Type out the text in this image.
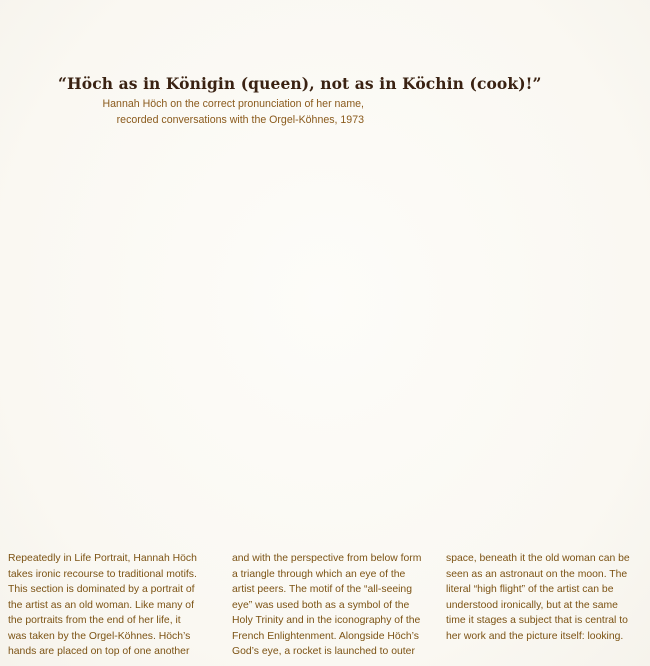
“Höch as in Königin (queen), not as in Köchin (cook)!”
Hannah Höch on the correct pronunciation of her name,
recorded conversations with the Orgel-Köhnes, 1973
Repeatedly in Life Portrait, Hannah Höch
takes ironic recourse to traditional motifs.
This section is dominated by a portrait of
the artist as an old woman. Like many of
the portraits from the end of her life, it
was taken by the Orgel-Köhnes. Höch’s
hands are placed on top of one another
and with the perspective from below form
a triangle through which an eye of the
artist peers. The motif of the “all-seeing
eye” was used both as a symbol of the
Holy Trinity and in the iconography of the
French Enlightenment. Alongside Höch’s
God’s eye, a rocket is launched to outer
space, beneath it the old woman can be
seen as an astronaut on the moon. The
literal “high flight” of the artist can be
understood ironically, but at the same
time it stages a subject that is central to
her work and the picture itself: looking.
